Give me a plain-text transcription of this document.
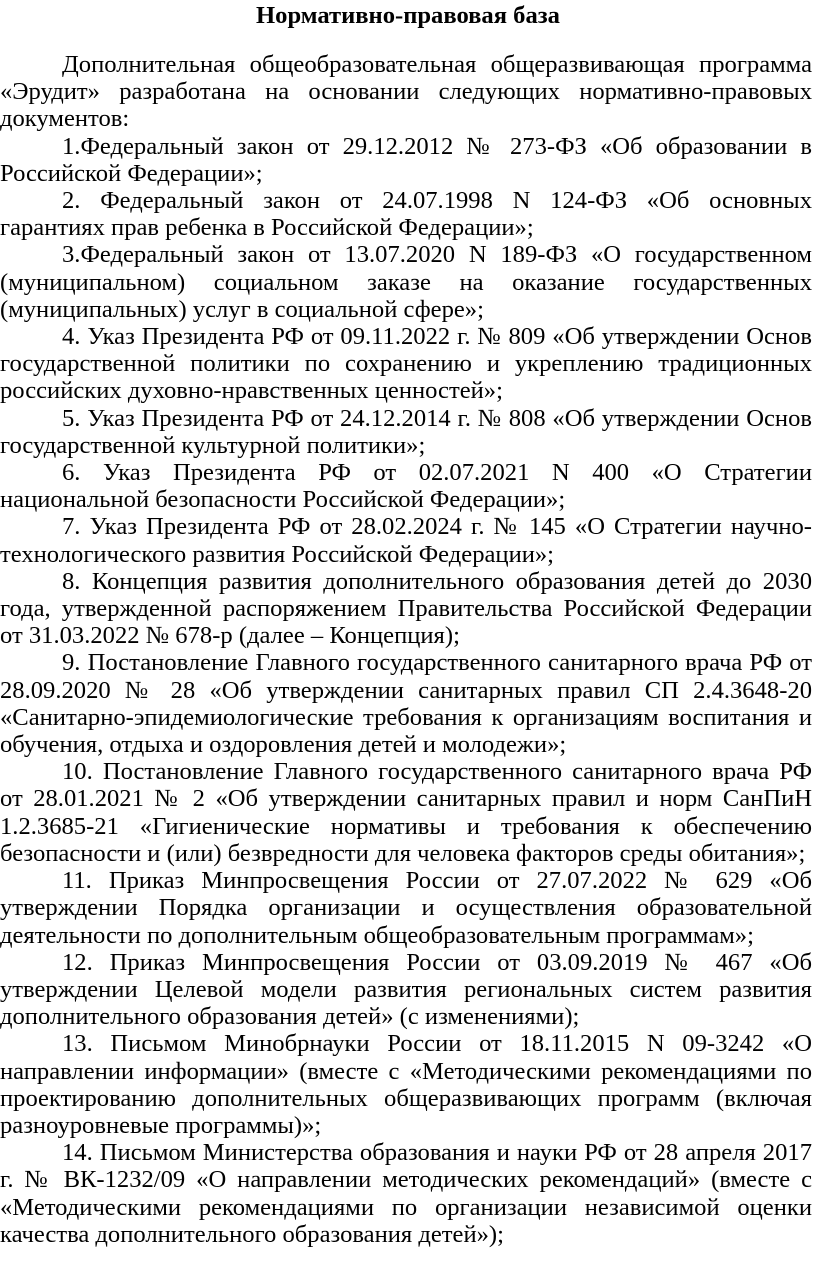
Нормативно-правовая база

Дополнительная общеобразовательная общеразвивающая программа «Эрудит» разработана на основании следующих нормативно-правовых документов:

1.Федеральный закон от 29.12.2012 № 273-ФЗ «Об образовании в Российской Федерации»;

2. Федеральный закон от 24.07.1998 N 124-ФЗ «Об основных гарантиях прав ребенка в Российской Федерации»;

3.Федеральный закон от 13.07.2020 N 189-ФЗ «О государственном (муниципальном) социальном заказе на оказание государственных (муниципальных) услуг в социальной сфере»;

4. Указ Президента РФ от 09.11.2022 г. № 809 «Об утверждении Основ государственной политики по сохранению и укреплению традиционных российских духовно-нравственных ценностей»;

5. Указ Президента РФ от 24.12.2014 г. № 808 «Об утверждении Основ государственной культурной политики»;

6. Указ Президента РФ от 02.07.2021 N 400 «О Стратегии национальной безопасности Российской Федерации»;

7. Указ Президента РФ от 28.02.2024 г. № 145 «О Стратегии научно-технологического развития Российской Федерации»;

8. Концепция развития дополнительного образования детей до 2030 года, утвержденной распоряжением Правительства Российской Федерации от 31.03.2022 № 678-р (далее – Концепция);

9. Постановление Главного государственного санитарного врача РФ от 28.09.2020 № 28 «Об утверждении санитарных правил СП 2.4.3648-20 «Санитарно-эпидемиологические требования к организациям воспитания и обучения, отдыха и оздоровления детей и молодежи»;

10. Постановление Главного государственного санитарного врача РФ от 28.01.2021 № 2 «Об утверждении санитарных правил и норм СанПиН 1.2.3685-21 «Гигиенические нормативы и требования к обеспечению безопасности и (или) безвредности для человека факторов среды обитания»;

11. Приказ Минпросвещения России от 27.07.2022 № 629 «Об утверждении Порядка организации и осуществления образовательной деятельности по дополнительным общеобразовательным программам»;

12. Приказ Минпросвещения России от 03.09.2019 № 467 «Об утверждении Целевой модели развития региональных систем развития дополнительного образования детей» (с изменениями);

13. Письмом Минобрнауки России от 18.11.2015 N 09-3242 «О направлении информации» (вместе с «Методическими рекомендациями по проектированию дополнительных общеразвивающих программ (включая разноуровневые программы)»;

14. Письмом Министерства образования и науки РФ от 28 апреля 2017 г. № ВК-1232/09 «О направлении методических рекомендаций» (вместе с «Методическими рекомендациями по организации независимой оценки качества дополнительного образования детей»);
